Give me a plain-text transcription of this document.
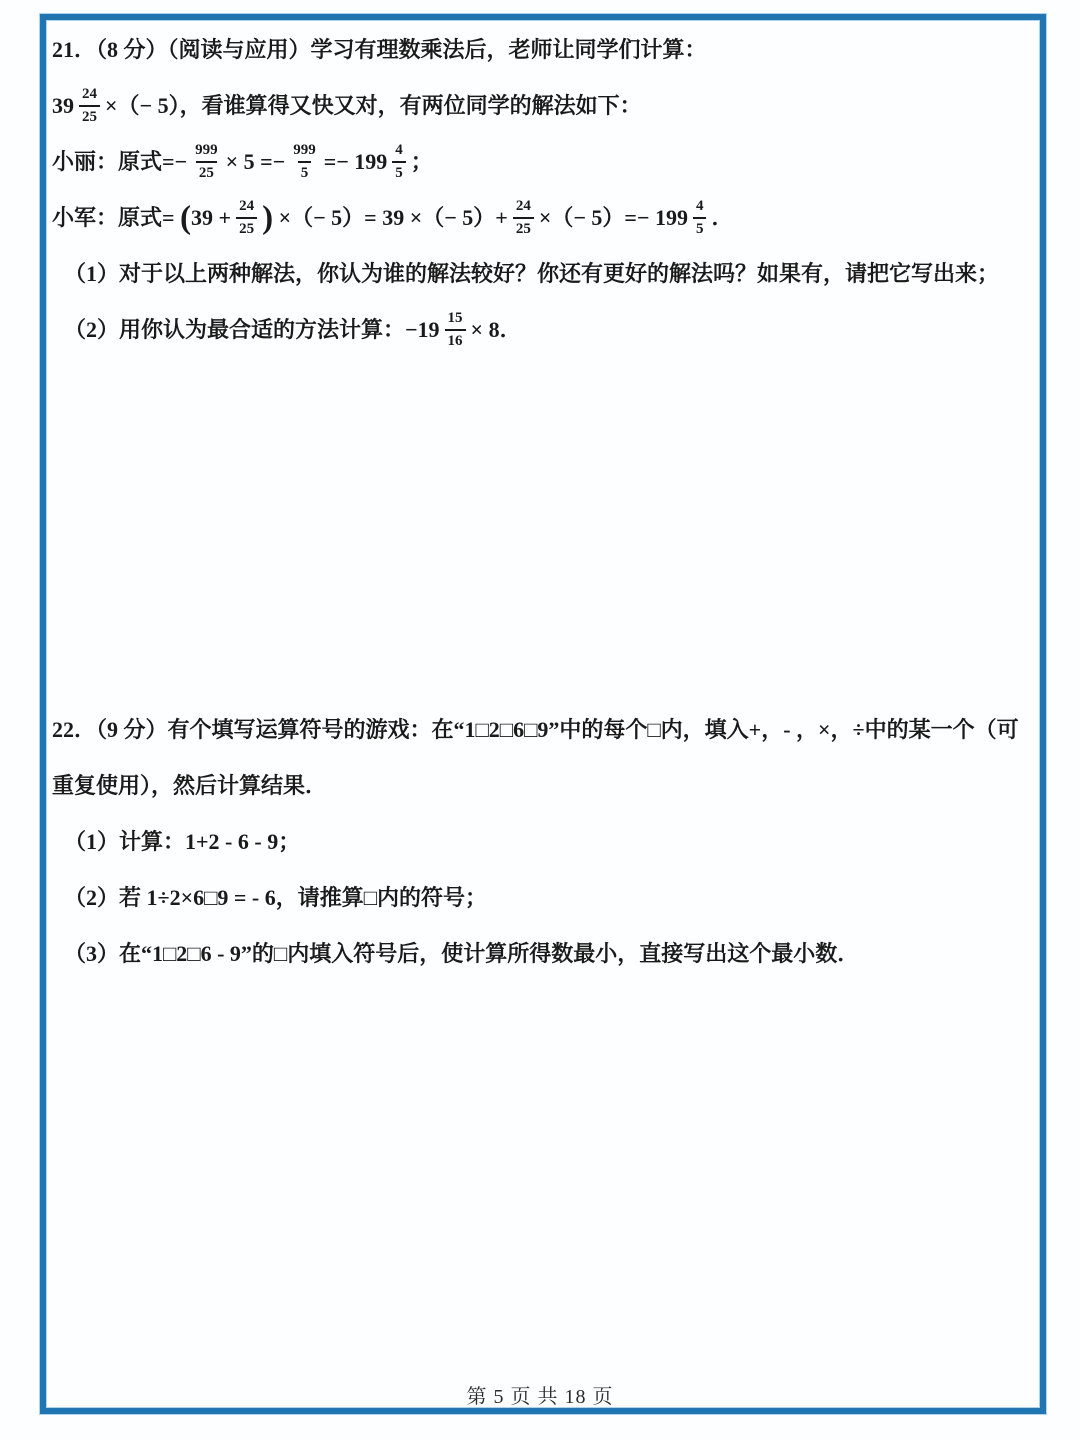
21．（8 分）（阅读与应用）学习有理数乘法后，老师让同学们计算：
$39 \frac{24}{25}$ ×（− 5），看谁算得又快又对，有两位同学的解法如下：
小丽：原式=− $\frac{999}{25} \times 5 =- \frac{999}{5} =- 199 \frac{4}{5}$ ；
小军：原式= ( $39 + \frac{24}{25}$ ) ×（− 5）= 39 ×（− $5)+ \frac{24}{25}$ ×（− $5)=- 199 \frac{4}{5}$ ．
（1）对于以上两种解法，你认为谁的解法较好？你还有更好的解法吗？如果有，请把它写出来；
（2）用你认为最合适的方法计算：$-19 \frac{15}{16} \times 8$．
22．（9 分）有个填写运算符号的游戏：在“1□2□6□9”中的每个□内，填入+，- ，×，÷中的某一个（可
重复使用），然后计算结果．
（1）计算：1+2 - 6 - 9；
（2）若 1÷2×6□9 = - 6，请推算□内的符号；
（3）在“1□2□6 - 9”的□内填入符号后，使计算所得数最小，直接写出这个最小数．
第 5 页 共 18 页
